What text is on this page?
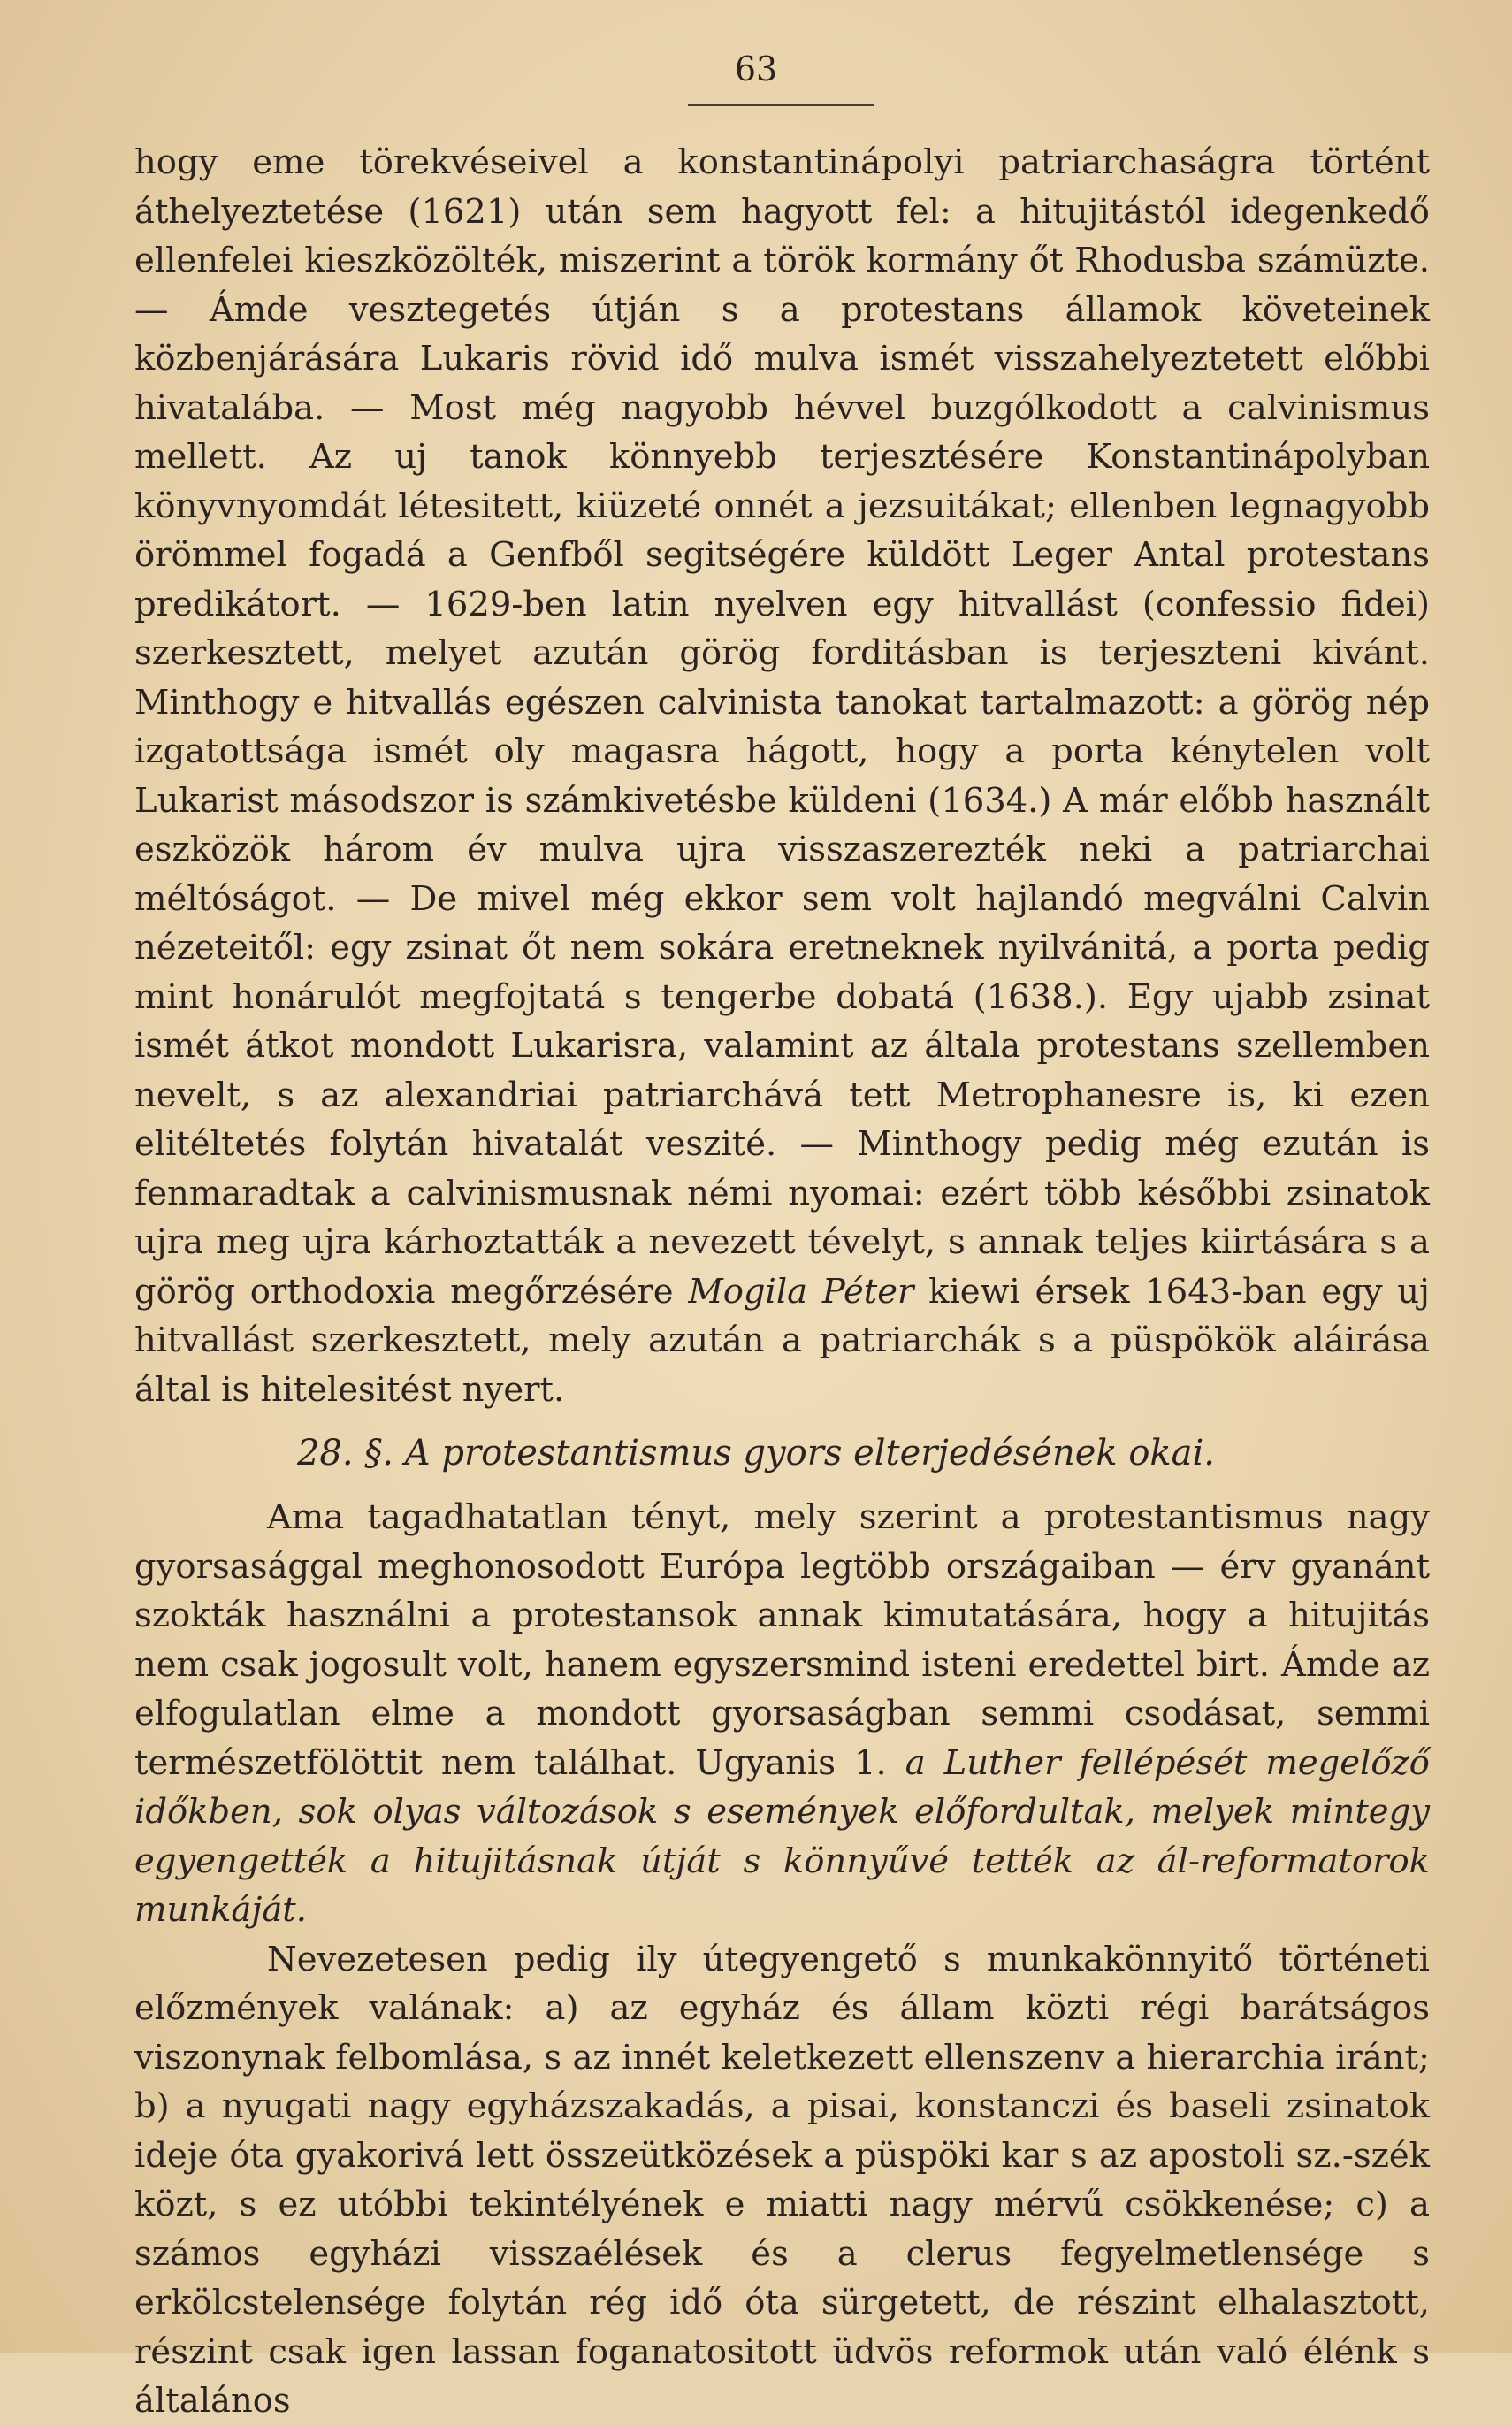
63

hogy eme törekvéseivel a konstantinápolyi patriarchaságra történt áthelyeztetése (1621) után sem hagyott fel: a hitujitástól idegenkedő ellenfelei kieszközölték, miszerint a török kormány őt Rhodusba számüzte. — Ámde vesztegetés útján s a protestans államok követeinek közbenjárására Lukaris rövid idő mulva ismét visszahelyeztetett előbbi hivatalába. — Most még nagyobb hévvel buzgólkodott a calvinismus mellett. Az uj tanok könnyebb terjesztésére Konstantinápolyban könyvnyomdát létesitett, kiüzeté onnét a jezsuitákat; ellenben legnagyobb örömmel fogadá a Genfből segitségére küldött Leger Antal protestans predikátort. — 1629-ben latin nyelven egy hitvallást (confessio fidei) szerkesztett, melyet azután görög forditásban is terjeszteni kivánt. Minthogy e hitvallás egészen calvinista tanokat tartalmazott: a görög nép izgatottsága ismét oly magasra hágott, hogy a porta kénytelen volt Lukarist másodszor is számkivetésbe küldeni (1634.) A már előbb használt eszközök három év mulva ujra visszaszerezték neki a patriarchai méltóságot. — De mivel még ekkor sem volt hajlandó megválni Calvin nézeteitől: egy zsinat őt nem sokára eretneknek nyilvánitá, a porta pedig mint honárulót megfojtatá s tengerbe dobatá (1638.). Egy ujabb zsinat ismét átkot mondott Lukarisra, valamint az általa protestans szellemben nevelt, s az alexandriai patriarchává tett Metrophanesre is, ki ezen elitéltetés folytán hivatalát veszité. — Minthogy pedig még ezután is fenmaradtak a calvinismusnak némi nyomai: ezért több későbbi zsinatok ujra meg ujra kárhoztatták a nevezett tévelyt, s annak teljes kiirtására s a görög orthodoxia megőrzésére Mogila Péter kiewi érsek 1643-ban egy uj hitvallást szerkesztett, mely azután a patriarchák s a püspökök aláirása által is hitelesitést nyert.

28. §. A protestantismus gyors elterjedésének okai.

Ama tagadhatatlan tényt, mely szerint a protestantismus nagy gyorsasággal meghonosodott Európa legtöbb országaiban — érv gyanánt szokták használni a protestansok annak kimutatására, hogy a hitujitás nem csak jogosult volt, hanem egyszersmind isteni eredettel birt. Ámde az elfogulatlan elme a mondott gyorsaságban semmi csodásat, semmi természetfölöttit nem találhat. Ugyanis 1. a Luther fellépését megelőző időkben, sok olyas változások s események előfordultak, melyek mintegy egyengették a hitujitásnak útját s könnyűvé tették az ál-reformatorok munkáját.

Nevezetesen pedig ily útegyengető s munkakönnyitő történeti előzmények valának: a) az egyház és állam közti régi barátságos viszonynak felbomlása, s az innét keletkezett ellenszenv a hierarchia iránt; b) a nyugati nagy egyházszakadás, a pisai, konstanczi és baseli zsinatok ideje óta gyakorivá lett összeütközések a püspöki kar s az apostoli sz.-szék közt, s ez utóbbi tekintélyének e miatti nagy mérvű csökkenése; c) a számos egyházi visszaélések és a clerus fegyelmetlensége s erkölcstelensége folytán rég idő óta sürgetett, de részint elhalasztott, részint csak igen lassan foganatositott üdvös reformok után való élénk s általános
